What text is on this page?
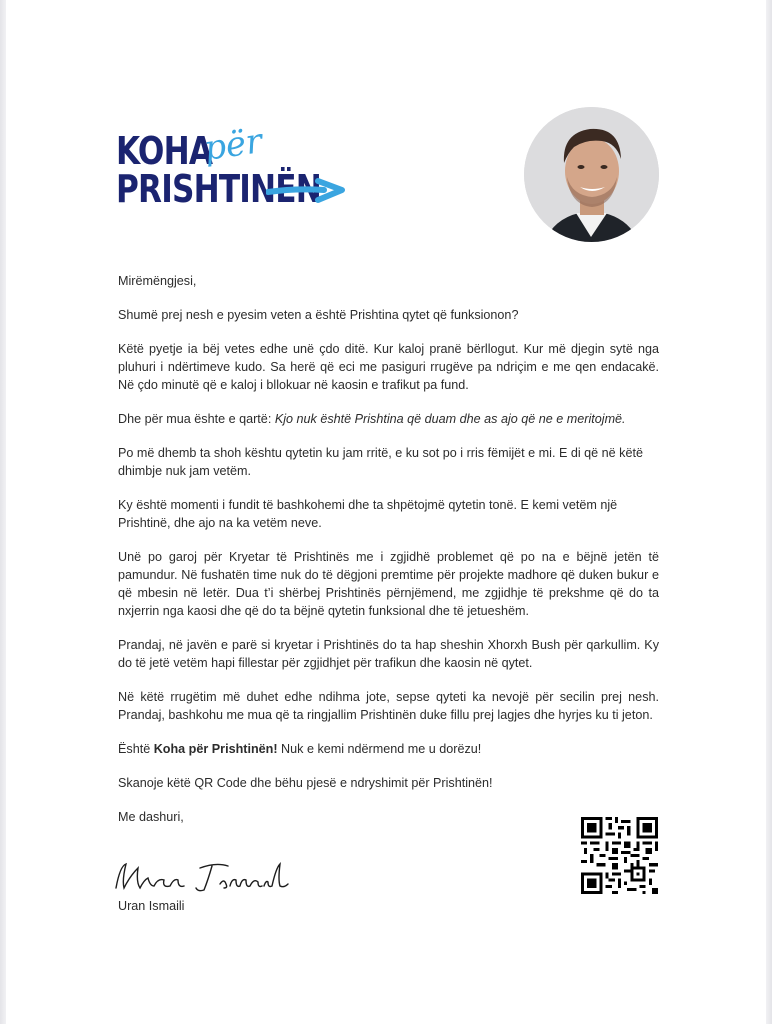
KOHA
për
PRISHTINËN

Mirëmëngjesi,

Shumë prej nesh e pyesim veten a është Prishtina qytet që funksionon?

Këtë pyetje ia bëj vetes edhe unë çdo ditë. Kur kaloj pranë bërllogut. Kur më djegin sytë nga pluhuri i ndërtimeve kudo. Sa herë që eci me pasiguri rrugëve pa ndriçim e me qen endacakë. Në çdo minutë që e kaloj i bllokuar në kaosin e trafikut pa fund.

Dhe për mua ështe e qartë: Kjo nuk është Prishtina që duam dhe as ajo që ne e meritojmë.

Po më dhemb ta shoh kështu qytetin ku jam rritë, e ku sot po i rris fëmijët e mi. E di që në këtë dhimbje nuk jam vetëm.

Ky është momenti i fundit të bashkohemi dhe ta shpëtojmë qytetin tonë. E kemi vetëm një Prishtinë, dhe ajo na ka vetëm neve.

Unë po garoj për Kryetar të Prishtinës me i zgjidhë problemet që po na e bëjnë jetën të pamundur. Në fushatën time nuk do të dëgjoni premtime për projekte madhore që duken bukur e që mbesin në letër. Dua t’i shërbej Prishtinës përnjëmend, me zgjidhje të prekshme që do ta nxjerrin nga kaosi dhe që do ta bëjnë qytetin funksional dhe të jetueshëm.

Prandaj, në javën e parë si kryetar i Prishtinës do ta hap sheshin Xhorxh Bush për qarkullim. Ky do të jetë vetëm hapi fillestar për zgjidhjet për trafikun dhe kaosin në qytet.

Në këtë rrugëtim më duhet edhe ndihma jote, sepse qyteti ka nevojë për secilin prej nesh. Prandaj, bashkohu me mua që ta ringjallim Prishtinën duke fillu prej lagjes dhe hyrjes ku ti jeton.

Është Koha për Prishtinën! Nuk e kemi ndërmend me u dorëzu!

Skanoje këtë QR Code dhe bëhu pjesë e ndryshimit për Prishtinën!

Me dashuri,

Uran Ismaili
